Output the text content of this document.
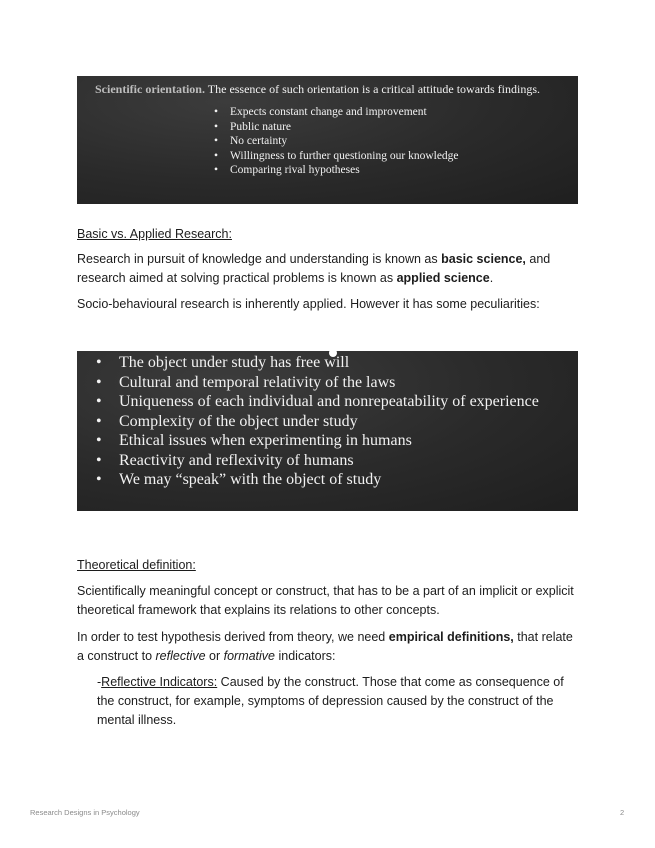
Scientific orientation. The essence of such orientation is a critical attitude towards findings.
• Expects constant change and improvement
• Public nature
• No certainty
• Willingness to further questioning our knowledge
• Comparing rival hypotheses

Basic vs. Applied Research:

Research in pursuit of knowledge and understanding is known as basic science, and research aimed at solving practical problems is known as applied science.

Socio-behavioural research is inherently applied. However it has some peculiarities:

• The object under study has free will
• Cultural and temporal relativity of the laws
• Uniqueness of each individual and nonrepeatability of experience
• Complexity of the object under study
• Ethical issues when experimenting in humans
• Reactivity and reflexivity of humans
• We may “speak” with the object of study

Theoretical definition:

Scientifically meaningful concept or construct, that has to be a part of an implicit or explicit theoretical framework that explains its relations to other concepts.

In order to test hypothesis derived from theory, we need empirical definitions, that relate a construct to reflective or formative indicators:

-Reflective Indicators: Caused by the construct. Those that come as consequence of the construct, for example, symptoms of depression caused by the construct of the mental illness.

Research Designs in Psychology	2
